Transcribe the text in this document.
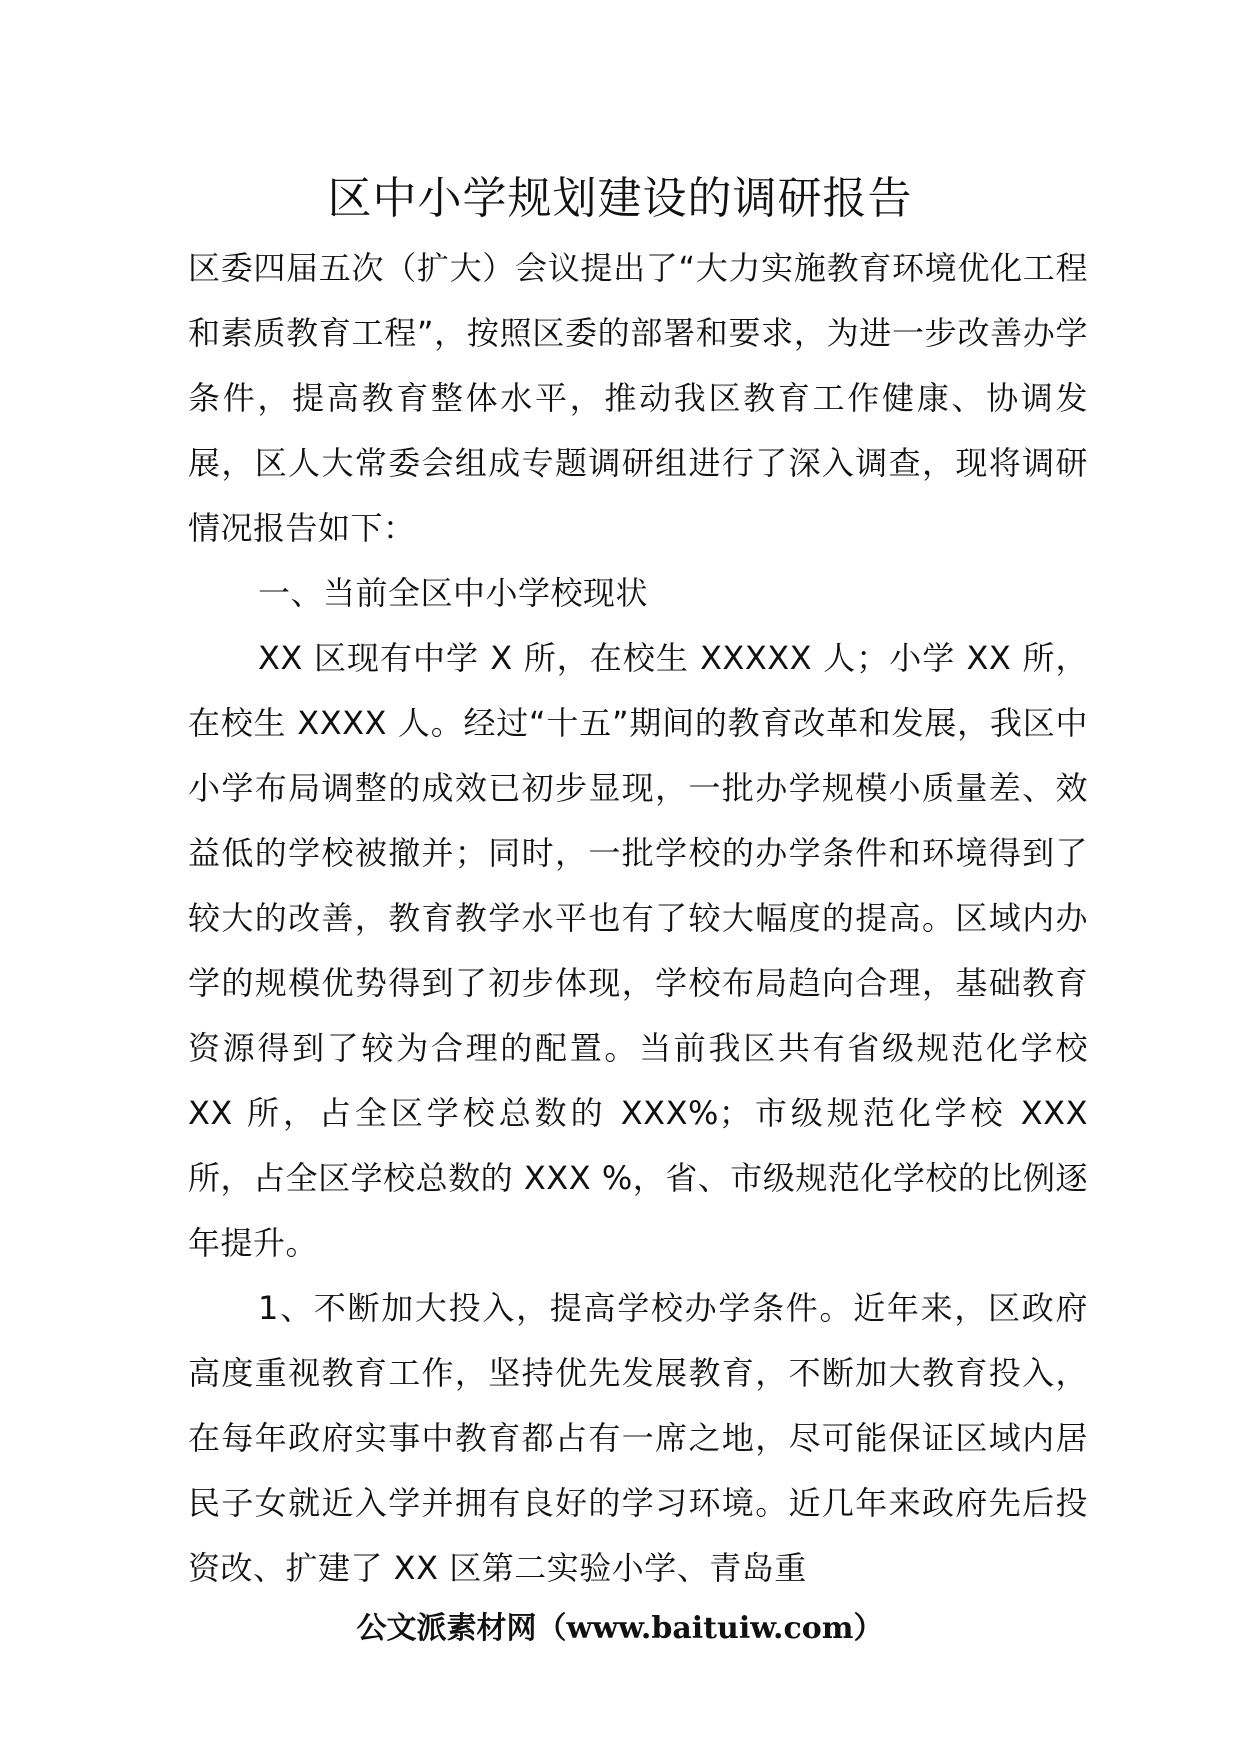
区中小学规划建设的调研报告

区委四届五次（扩大）会议提出了“大力实施教育环境优化工程和素质教育工程”，按照区委的部署和要求，为进一步改善办学条件，提高教育整体水平，推动我区教育工作健康、协调发展，区人大常委会组成专题调研组进行了深入调查，现将调研情况报告如下：

一、当前全区中小学校现状

XX 区现有中学 X 所，在校生 XXXXX 人；小学 XX 所，在校生 XXXX 人。经过“十五”期间的教育改革和发展，我区中小学布局调整的成效已初步显现，一批办学规模小质量差、效益低的学校被撤并；同时，一批学校的办学条件和环境得到了较大的改善，教育教学水平也有了较大幅度的提高。区域内办学的规模优势得到了初步体现，学校布局趋向合理，基础教育资源得到了较为合理的配置。当前我区共有省级规范化学校 XX 所，占全区学校总数的 XXX%；市级规范化学校 XXX 所，占全区学校总数的 XXX %，省、市级规范化学校的比例逐年提升。

1、不断加大投入，提高学校办学条件。近年来，区政府高度重视教育工作，坚持优先发展教育，不断加大教育投入，在每年政府实事中教育都占有一席之地，尽可能保证区域内居民子女就近入学并拥有良好的学习环境。近几年来政府先后投资改、扩建了 XX 区第二实验小学、青岛重

公文派素材网（www.baituiw.com）
